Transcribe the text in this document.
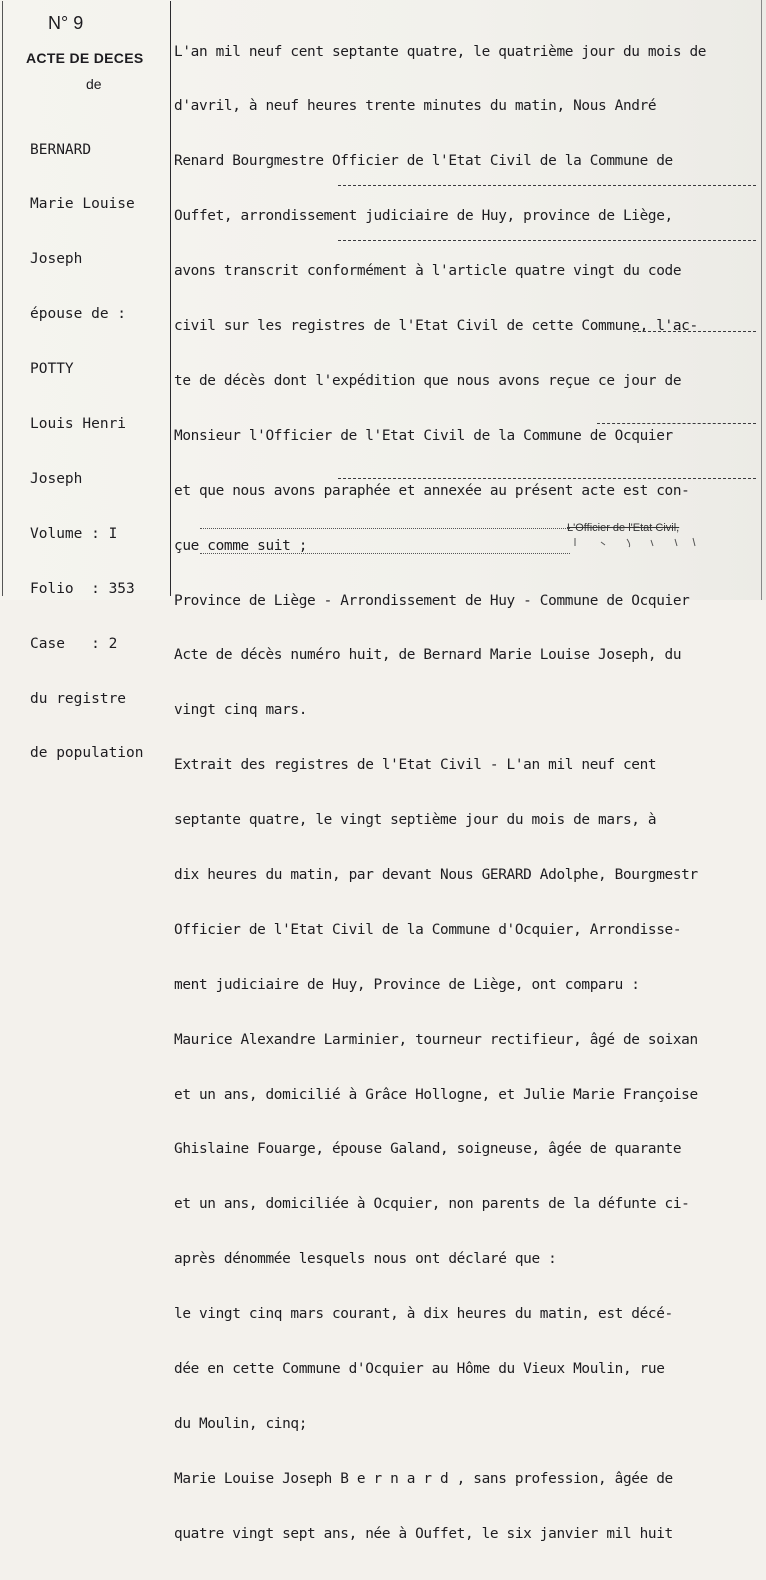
N° 9
ACTE DE DECES
de

BERNARD

Marie Louise

Joseph

épouse de :

POTTY

Louis Henri

Joseph

Volume : I

Folio  : 353

Case   : 2

du registre

de population

L'an mil neuf cent septante quatre, le quatrième jour du mois de

d'avril, à neuf heures trente minutes du matin, Nous André

Renard Bourgmestre Officier de l'Etat Civil de la Commune de

Ouffet, arrondissement judiciaire de Huy, province de Liège,

avons transcrit conformément à l'article quatre vingt du code

civil sur les registres de l'Etat Civil de cette Commune, l'ac-

te de décès dont l'expédition que nous avons reçue ce jour de

Monsieur l'Officier de l'Etat Civil de la Commune de Ocquier

et que nous avons paraphée et annexée au présent acte est con-

çue comme suit ;

Province de Liège - Arrondissement de Huy - Commune de Ocquier

Acte de décès numéro huit, de Bernard Marie Louise Joseph, du

vingt cinq mars.

Extrait des registres de l'Etat Civil - L'an mil neuf cent

septante quatre, le vingt septième jour du mois de mars, à

dix heures du matin, par devant Nous GERARD Adolphe, Bourgmestr

Officier de l'Etat Civil de la Commune d'Ocquier, Arrondisse-

ment judiciaire de Huy, Province de Liège, ont comparu :

Maurice Alexandre Larminier, tourneur rectifieur, âgé de soixan

et un ans, domicilié à Grâce Hollogne, et Julie Marie Françoise

Ghislaine Fouarge, épouse Galand, soigneuse, âgée de quarante

et un ans, domiciliée à Ocquier, non parents de la défunte ci-

après dénommée lesquels nous ont déclaré que :

le vingt cinq mars courant, à dix heures du matin, est décé-

dée en cette Commune d'Ocquier au Hôme du Vieux Moulin, rue

du Moulin, cinq;

Marie Louise Joseph B e r n a r d , sans profession, âgée de

quatre vingt sept ans, née à Ouffet, le six janvier mil huit

L'Officier de l'Etat Civil,
